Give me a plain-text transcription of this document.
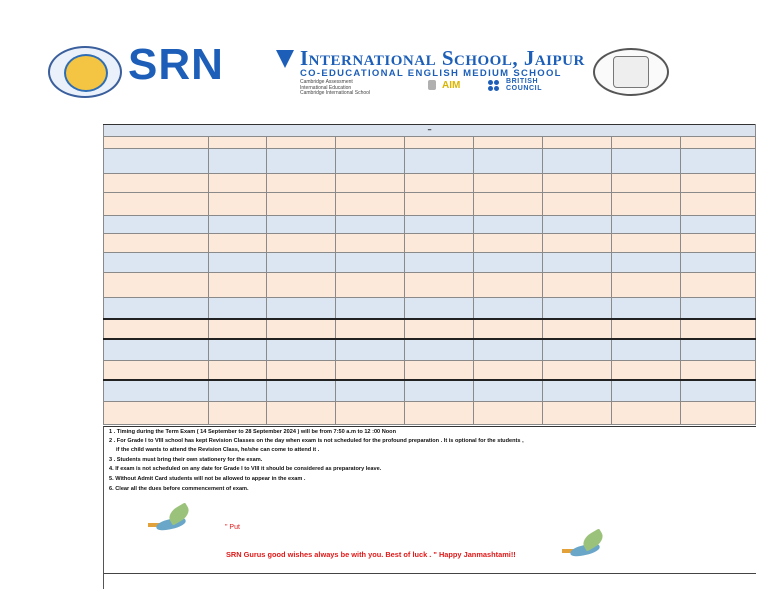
SRN	International School, Jaipur
CO-EDUCATIONAL ENGLISH MEDIUM SCHOOL
Cambridge Assessment
International Education
Cambridge International School
AIM	BRITISH
COUNCIL
–								

" Put
SRN Gurus good wishes always be with you. Best of luck . " Happy Janmashtami!!
1 . Timing during the Term Exam ( 14 September to 28 September 2024 ) will be from 7:50 a.m to 12 :00 Noon
2 . For Grade I to VIII school has kept Revision Classes on the day when exam is not scheduled for the profound preparation . It is optional for the students ,
if the child wants to attend the Revision Class, he/she can come to attend it .
3 . Students must bring their own stationery for the exam.
4. If exam is not scheduled on any date for Grade I to VIII it should be considered as preparatory leave.
5. Without Admit Card students will not be allowed to appear in the exam .
6. Clear all the dues before commencement of exam.
